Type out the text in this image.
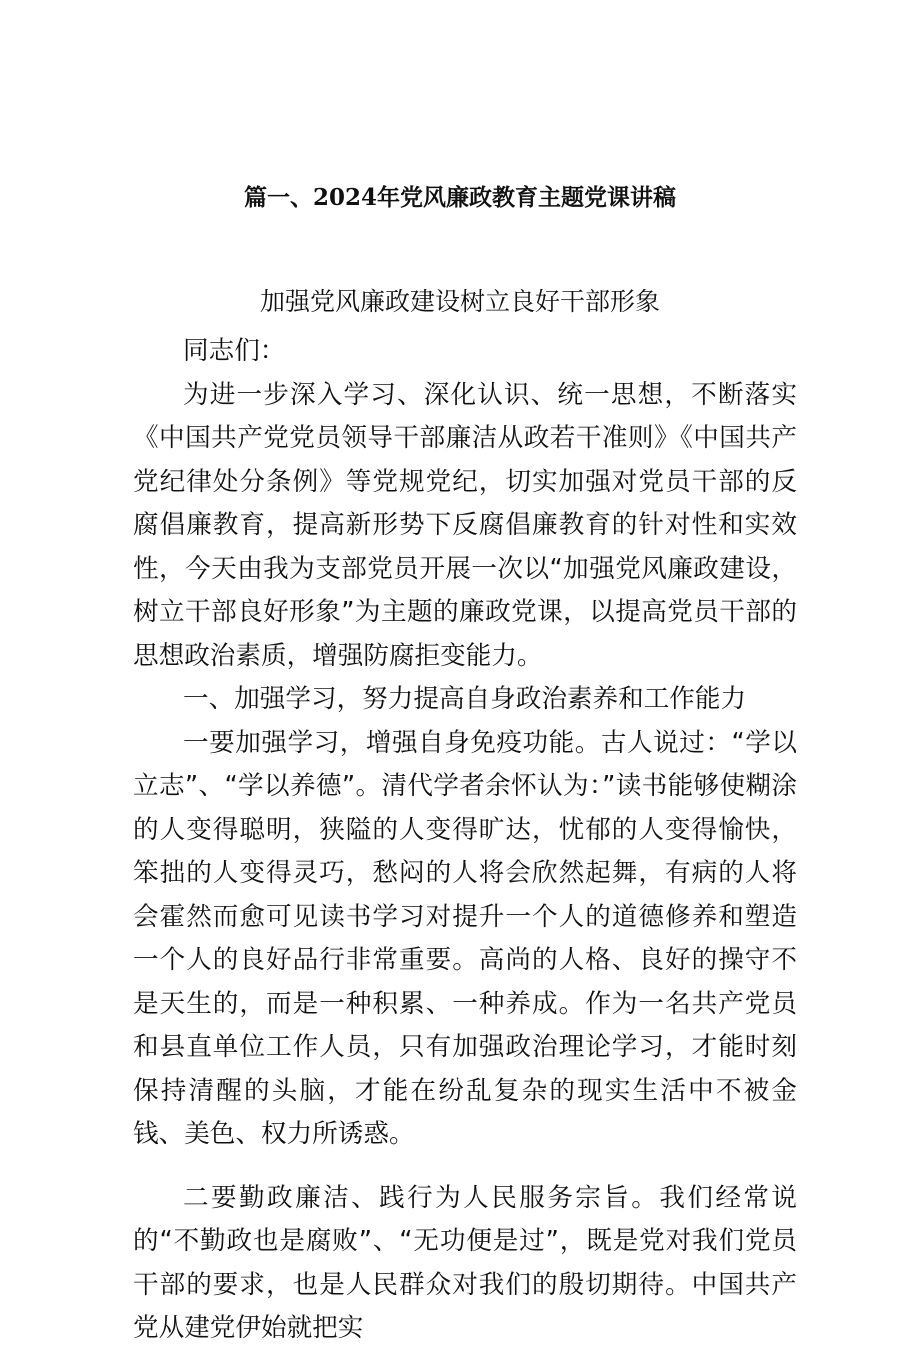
篇一、2024年党风廉政教育主题党课讲稿
加强党风廉政建设树立良好干部形象

同志们：

为进一步深入学习、深化认识、统一思想，不断落实《中国共产党党员领导干部廉洁从政若干准则》《中国共产党纪律处分条例》等党规党纪，切实加强对党员干部的反腐倡廉教育，提高新形势下反腐倡廉教育的针对性和实效性，今天由我为支部党员开展一次以“加强党风廉政建设，树立干部良好形象”为主题的廉政党课，以提高党员干部的思想政治素质，增强防腐拒变能力。

一、加强学习，努力提高自身政治素养和工作能力

一要加强学习，增强自身免疫功能。古人说过：“学以立志”、“学以养德”。清代学者余怀认为：”读书能够使糊涂的人变得聪明，狭隘的人变得旷达，忧郁的人变得愉快，笨拙的人变得灵巧，愁闷的人将会欣然起舞，有病的人将会霍然而愈可见读书学习对提升一个人的道德修养和塑造一个人的良好品行非常重要。高尚的人格、良好的操守不是天生的，而是一种积累、一种养成。作为一名共产党员和县直单位工作人员，只有加强政治理论学习，才能时刻保持清醒的头脑，才能在纷乱复杂的现实生活中不被金钱、美色、权力所诱惑。

二要勤政廉洁、践行为人民服务宗旨。我们经常说的“不勤政也是腐败”、“无功便是过”，既是党对我们党员干部的要求，也是人民群众对我们的殷切期待。中国共产党从建党伊始就把实
